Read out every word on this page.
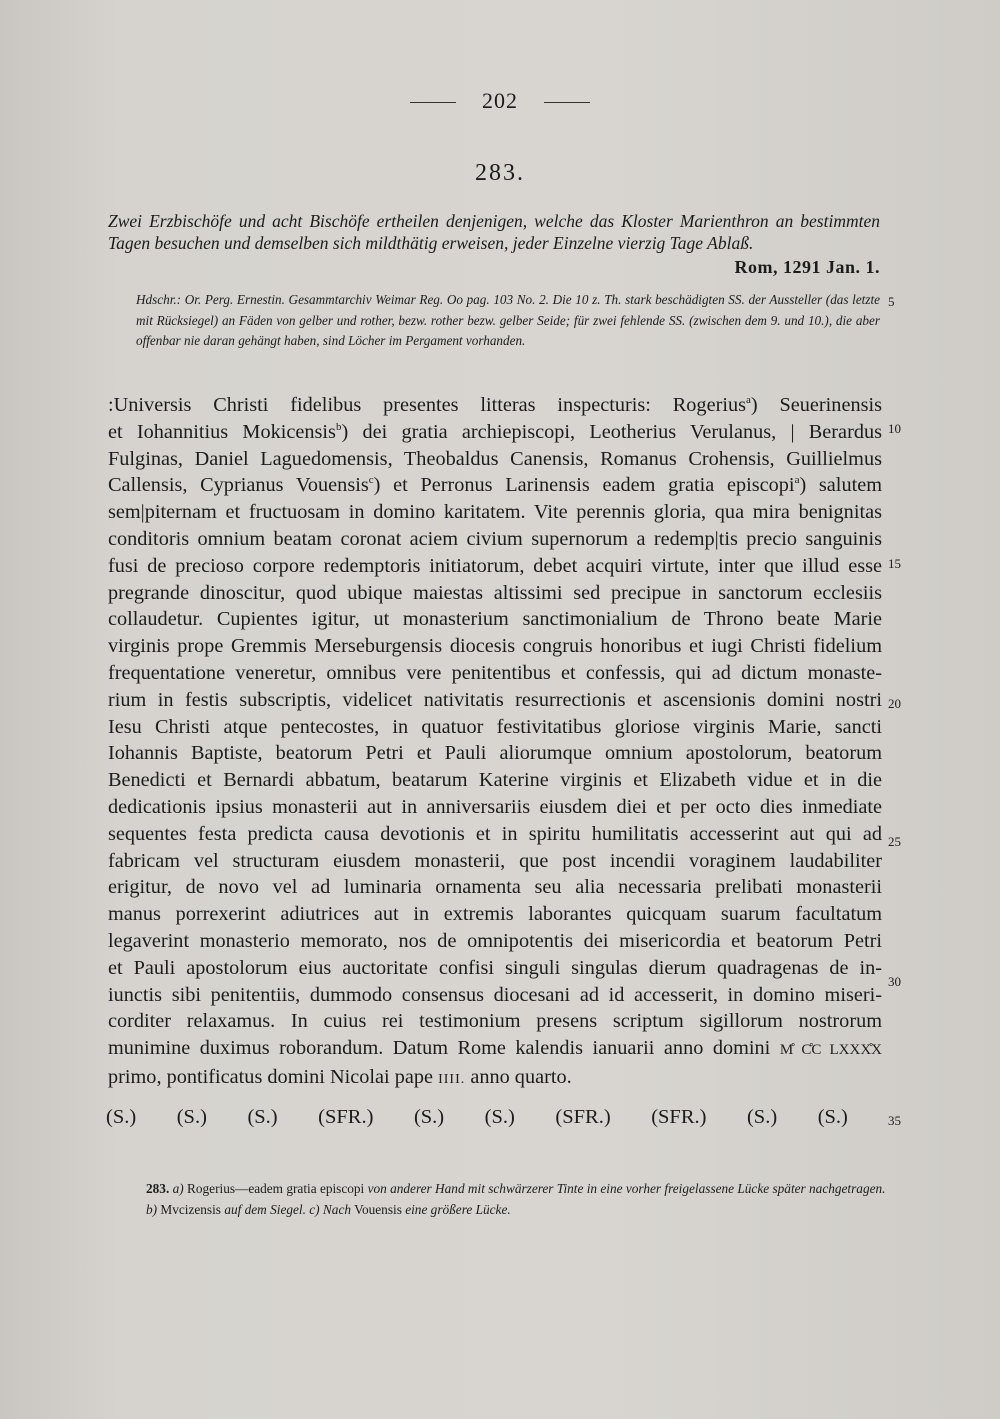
202
283.
Zwei Erzbischöfe und acht Bischöfe ertheilen denjenigen, welche das Kloster Marienthron an bestimmten Tagen besuchen und demselben sich mildthätig erweisen, jeder Einzelne vierzig Tage Ablaß.
Rom, 1291 Jan. 1.
Hdschr.: Or. Perg. Ernestin. Gesammtarchiv Weimar Reg. Oo pag. 103 No. 2. Die 10 z. Th. stark beschädigten SS. der Aussteller (das letzte mit Rücksiegel) an Fäden von gelber und rother, bezw. rother bezw. gelber Seide; für zwei fehlende SS. (zwischen dem 9. und 10.), die aber offenbar nie daran gehängt haben, sind Löcher im Pergament vorhanden.
:Universis Christi fidelibus presentes litteras inspecturis: Rogerius$^a$) Seuerinensis
et Iohannitius Mokicensis$^b$) dei gratia archiepiscopi, Leotherius Verulanus, | Berardus
Fulginas, Daniel Laguedomensis, Theobaldus Canensis, Romanus Crohensis, Guillielmus
Callensis, Cyprianus Vouensis$^c$) et Perronus Larinensis eadem gratia episcopi$^a$) salutem
sem|piternam et fructuosam in domino karitatem. Vite perennis gloria, qua mira benignitas
conditoris omnium beatam coronat aciem civium supernorum a redemp|tis precio sanguinis
fusi de precioso corpore redemptoris initiatorum, debet acquiri virtute, inter que illud esse
pregrande dinoscitur, quod ubique maiestas altissimi sed precipue in sanctorum ecclesiis
collaudetur. Cupientes igitur, ut monasterium sanctimonialium de Throno beate Marie
virginis prope Gremmis Merseburgensis diocesis congruis honoribus et iugi Christi fidelium
frequentatione veneretur, omnibus vere penitentibus et confessis, qui ad dictum monaste-
rium in festis subscriptis, videlicet nativitatis resurrectionis et ascensionis domini nostri
Iesu Christi atque pentecostes, in quatuor festivitatibus gloriose virginis Marie, sancti
Iohannis Baptiste, beatorum Petri et Pauli aliorumque omnium apostolorum, beatorum
Benedicti et Bernardi abbatum, beatarum Katerine virginis et Elizabeth vidue et in die
dedicationis ipsius monasterii aut in anniversariis eiusdem diei et per octo dies inmediate
sequentes festa predicta causa devotionis et in spiritu humilitatis accesserint aut qui ad
fabricam vel structuram eiusdem monasterii, que post incendii voraginem laudabiliter
erigitur, de novo vel ad luminaria ornamenta seu alia necessaria prelibati monasterii
manus porrexerint adiutrices aut in extremis laborantes quicquam suarum facultatum
legaverint monasterio memorato, nos de omnipotentis dei misericordia et beatorum Petri
et Pauli apostolorum eius auctoritate confisi singuli singulas dierum quadragenas de in-
iunctis sibi penitentiis, dummodo consensus diocesani ad id accesserit, in domino miseri-
corditer relaxamus. In cuius rei testimonium presens scriptum sigillorum nostrorum
munimine duximus roborandum. Datum Rome kalendis ianuarii anno domini M̊ C̊C LXXX̊X
primo, pontificatus domini Nicolai pape IIII. anno quarto.
5
10
15
20
25
30
35
(S.) (S.) (S.) (SFR.) (S.) (S.) (SFR.) (SFR.) (S.) (S.)
283. a) Rogerius—eadem gratia episcopi von anderer Hand mit schwärzerer Tinte in eine vorher freigelassene Lücke später nachgetragen. b) Mvcizensis auf dem Siegel. c) Nach Vouensis eine größere Lücke.
